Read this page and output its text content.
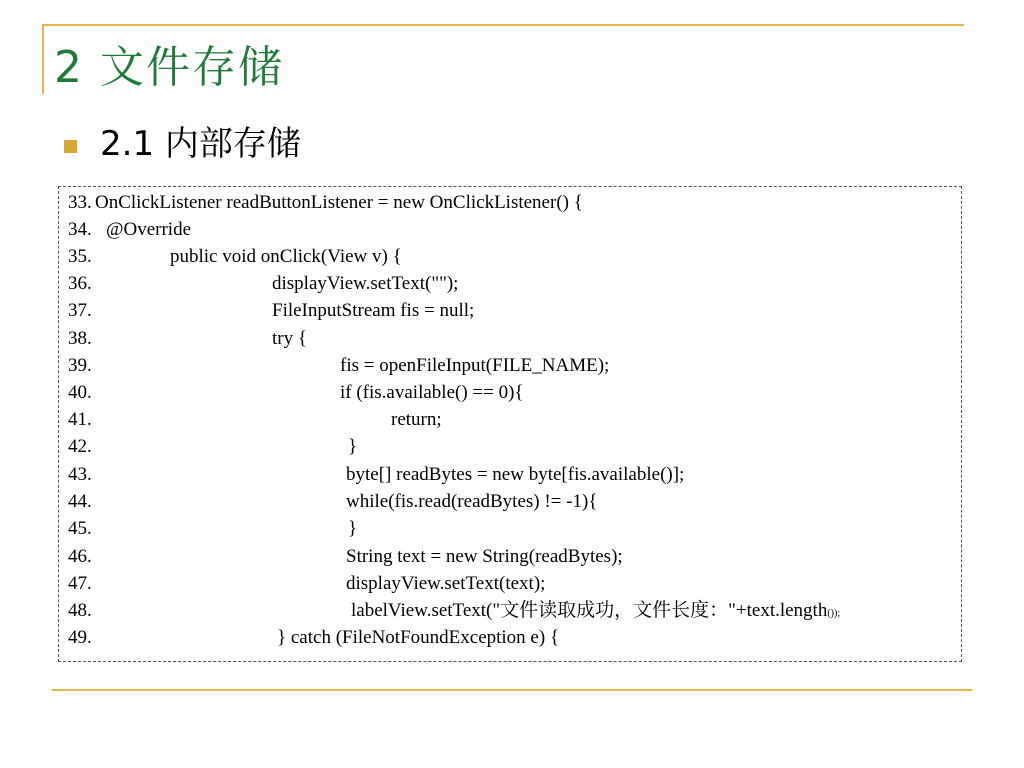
2 文件存储
2.1 内部存储
33. OnClickListener readButtonListener = new OnClickListener() {
34. @Override
35.	public void onClick(View v) {
36.	displayView.setText("");
37.	FileInputStream fis = null;
38.	try {
39.	fis = openFileInput(FILE_NAME);
40.	if (fis.available() == 0){
41.	return;
42.	}
43.	byte[] readBytes = new byte[fis.available()];
44.	while(fis.read(readBytes) != -1){
45.	}
46.	String text = new String(readBytes);
47.	displayView.setText(text);
48.	labelView.setText("文件读取成功，文件长度："+text.length());
49.	} catch (FileNotFoundException e) {
